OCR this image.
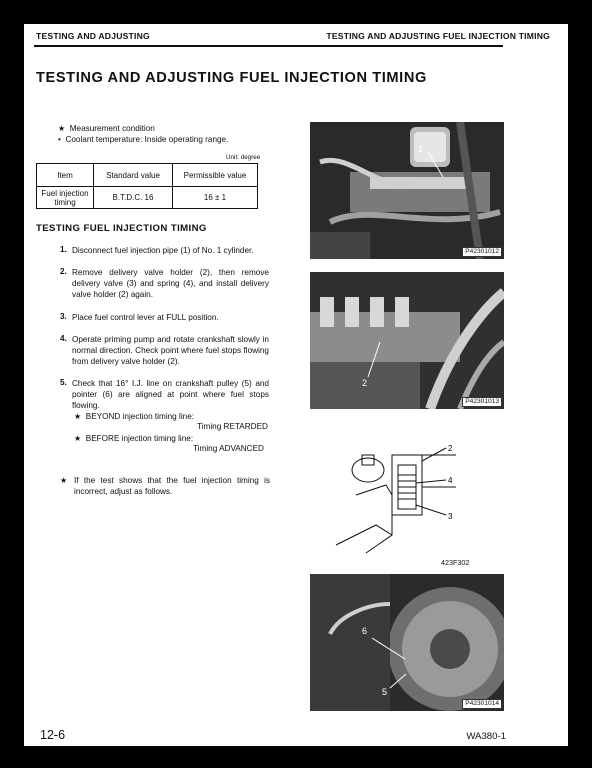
TESTING AND ADJUSTING	TESTING AND ADJUSTING FUEL INJECTION TIMING
TESTING AND ADJUSTING FUEL INJECTION TIMING
★   Measurement condition
• Coolant temperature: Inside operating range.
Unit: degree
Item	Standard value	Permissible value
Fuel injection timing	B.T.D.C. 16	16 ± 1
TESTING FUEL INJECTION TIMING
1. Disconnect fuel injection pipe (1) of No. 1 cylinder.
2. Remove delivery valve holder (2), then remove delivery valve (3) and spring (4), and install delivery valve holder (2) again.
3. Place fuel control lever at FULL position.
4. Operate priming pump and rotate crankshaft slowly in normal direction. Check point where fuel stops flowing from delivery valve holder (2).
5. Check that 16° I.J. line on crankshaft pulley (5) and pointer (6) are aligned at point where fuel stops flowing.
★   BEYOND injection timing line:
Timing RETARDED
★   BEFORE injection timing line:
Timing ADVANCED
★
If the test shows that the fuel injection timing is incorrect, adjust as follows.
1
P42301012
2
P42301013
2
4
3
423F302
6
5
P42301014
12-6	WA380-1
